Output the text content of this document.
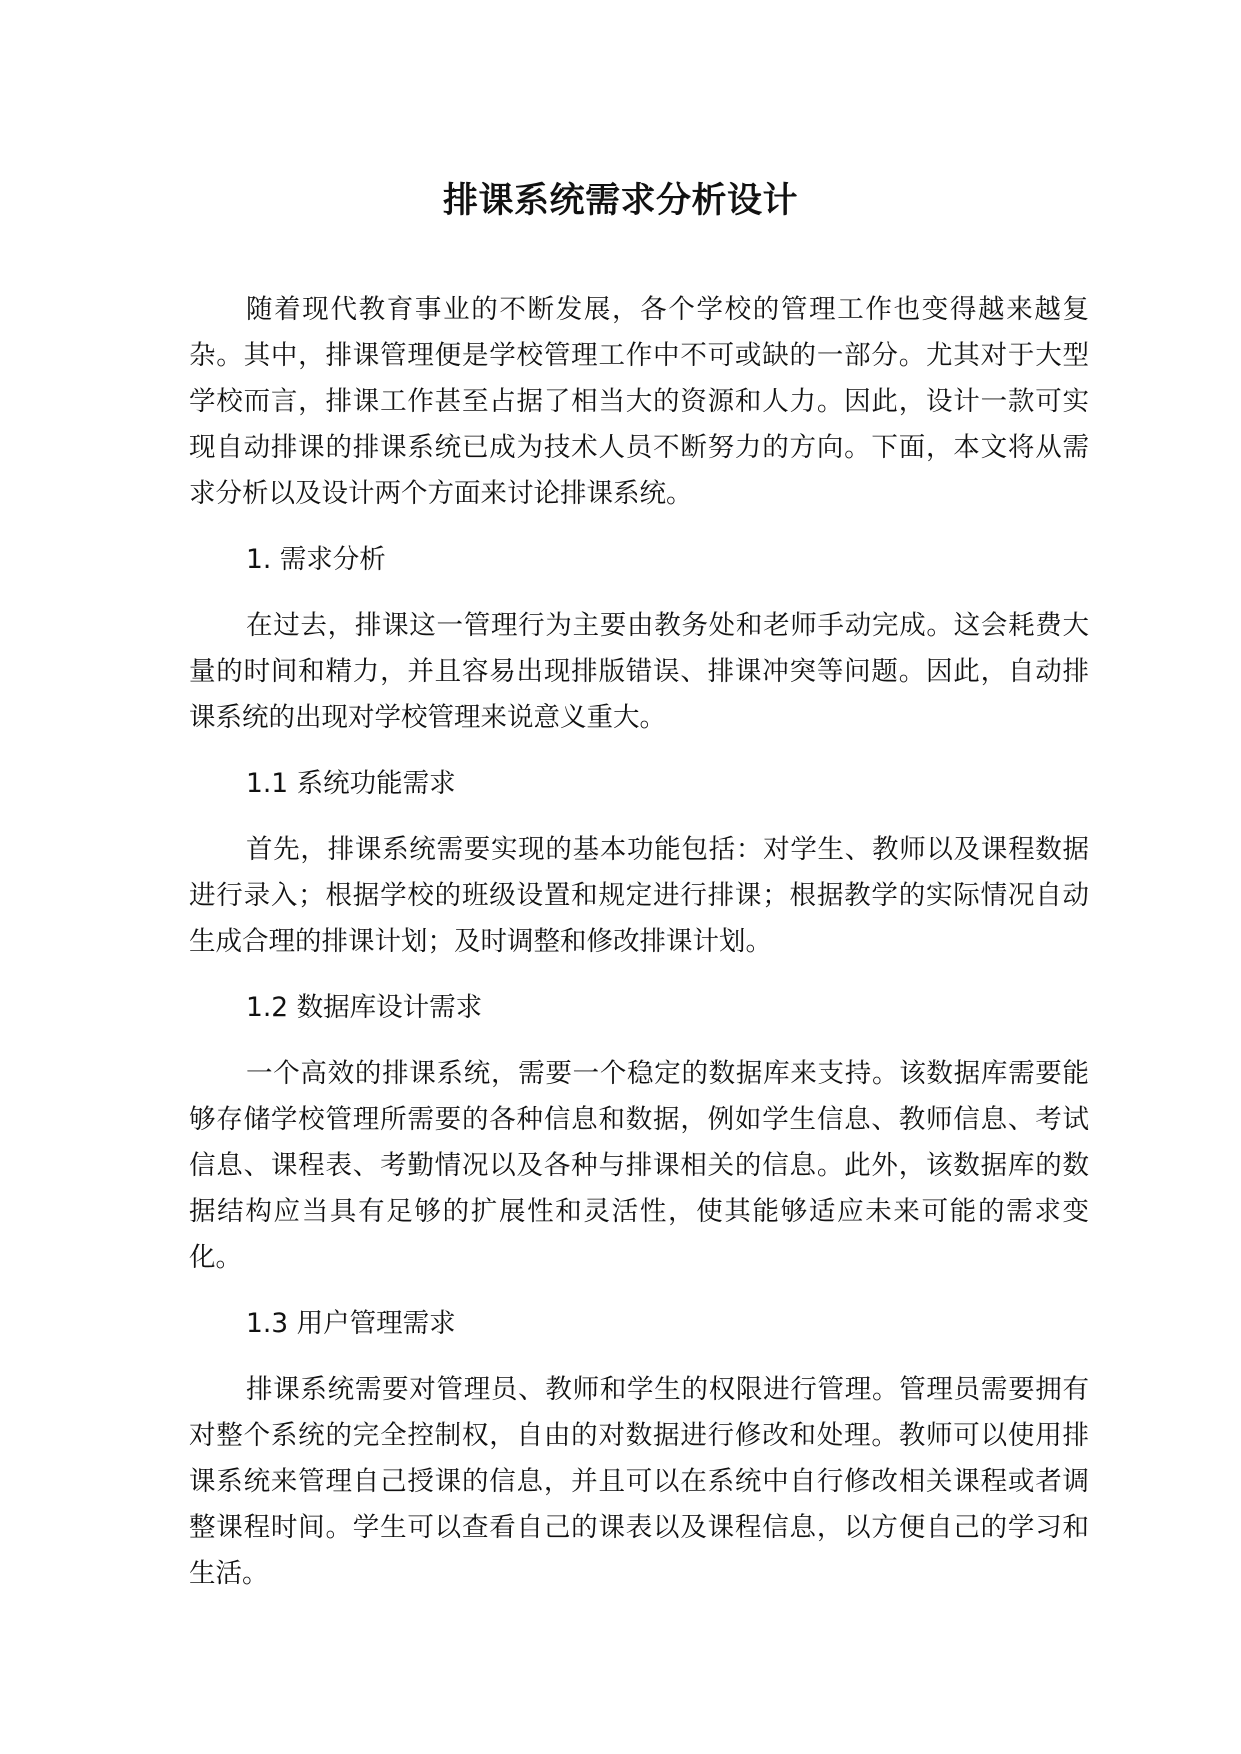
排课系统需求分析设计

随着现代教育事业的不断发展，各个学校的管理工作也变得越来越复杂。其中，排课管理便是学校管理工作中不可或缺的一部分。尤其对于大型学校而言，排课工作甚至占据了相当大的资源和人力。因此，设计一款可实现自动排课的排课系统已成为技术人员不断努力的方向。下面，本文将从需求分析以及设计两个方面来讨论排课系统。

1. 需求分析

在过去，排课这一管理行为主要由教务处和老师手动完成。这会耗费大量的时间和精力，并且容易出现排版错误、排课冲突等问题。因此，自动排课系统的出现对学校管理来说意义重大。

1.1 系统功能需求

首先，排课系统需要实现的基本功能包括：对学生、教师以及课程数据进行录入；根据学校的班级设置和规定进行排课；根据教学的实际情况自动生成合理的排课计划；及时调整和修改排课计划。

1.2 数据库设计需求

一个高效的排课系统，需要一个稳定的数据库来支持。该数据库需要能够存储学校管理所需要的各种信息和数据，例如学生信息、教师信息、考试信息、课程表、考勤情况以及各种与排课相关的信息。此外，该数据库的数据结构应当具有足够的扩展性和灵活性，使其能够适应未来可能的需求变化。

1.3 用户管理需求

排课系统需要对管理员、教师和学生的权限进行管理。管理员需要拥有对整个系统的完全控制权，自由的对数据进行修改和处理。教师可以使用排课系统来管理自己授课的信息，并且可以在系统中自行修改相关课程或者调整课程时间。学生可以查看自己的课表以及课程信息，以方便自己的学习和生活。
